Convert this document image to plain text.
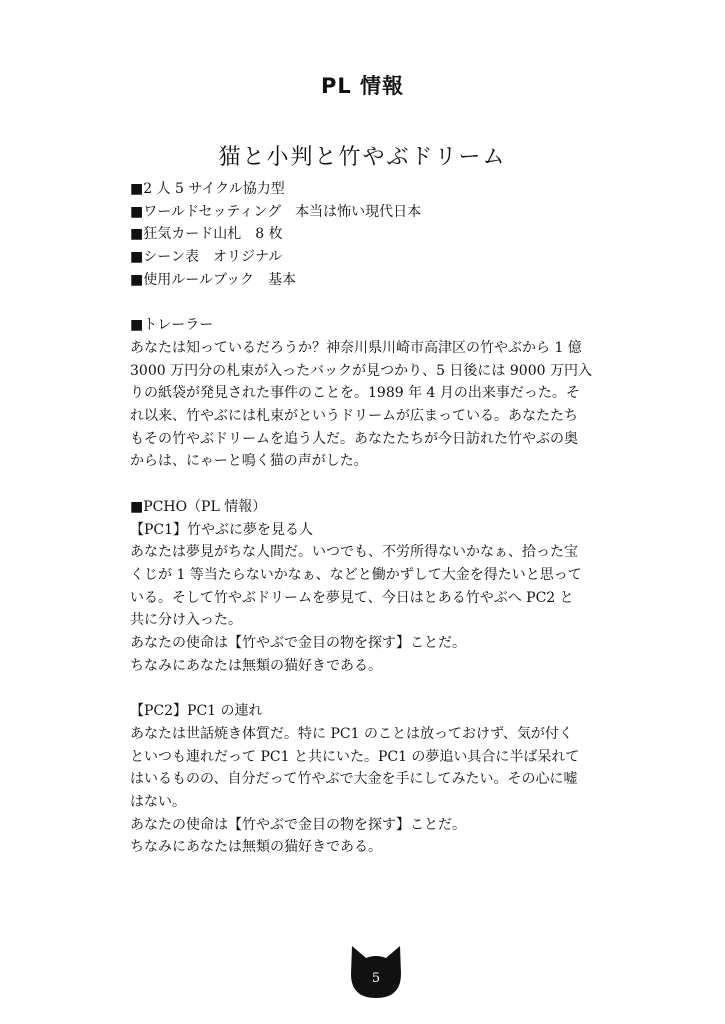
PL 情報
猫と小判と竹やぶドリーム
■2 人 5 サイクル協力型
■ワールドセッティング　本当は怖い現代日本
■狂気カード山札　8 枚
■シーン表　オリジナル
■使用ルールブック　基本
■トレーラー
あなたは知っているだろうか？神奈川県川崎市高津区の竹やぶから 1 億
3000 万円分の札束が入ったバックが見つかり、5 日後には 9000 万円入
りの紙袋が発見された事件のことを。1989 年 4 月の出来事だった。そ
れ以来、竹やぶには札束がというドリームが広まっている。あなたたち
もその竹やぶドリームを追う人だ。あなたたちが今日訪れた竹やぶの奥
からは、にゃーと鳴く猫の声がした。
■PCHO（PL 情報）
【PC1】竹やぶに夢を見る人
あなたは夢見がちな人間だ。いつでも、不労所得ないかなぁ、拾った宝
くじが 1 等当たらないかなぁ、などと働かずして大金を得たいと思って
いる。そして竹やぶドリームを夢見て、今日はとある竹やぶへ PC2 と
共に分け入った。
あなたの使命は【竹やぶで金目の物を探す】ことだ。
ちなみにあなたは無類の猫好きである。
【PC2】PC1 の連れ
あなたは世話焼き体質だ。特に PC1 のことは放っておけず、気が付く
といつも連れだって PC1 と共にいた。PC1 の夢追い具合に半ば呆れて
はいるものの、自分だって竹やぶで大金を手にしてみたい。その心に嘘
はない。
あなたの使命は【竹やぶで金目の物を探す】ことだ。
ちなみにあなたは無類の猫好きである。
5
